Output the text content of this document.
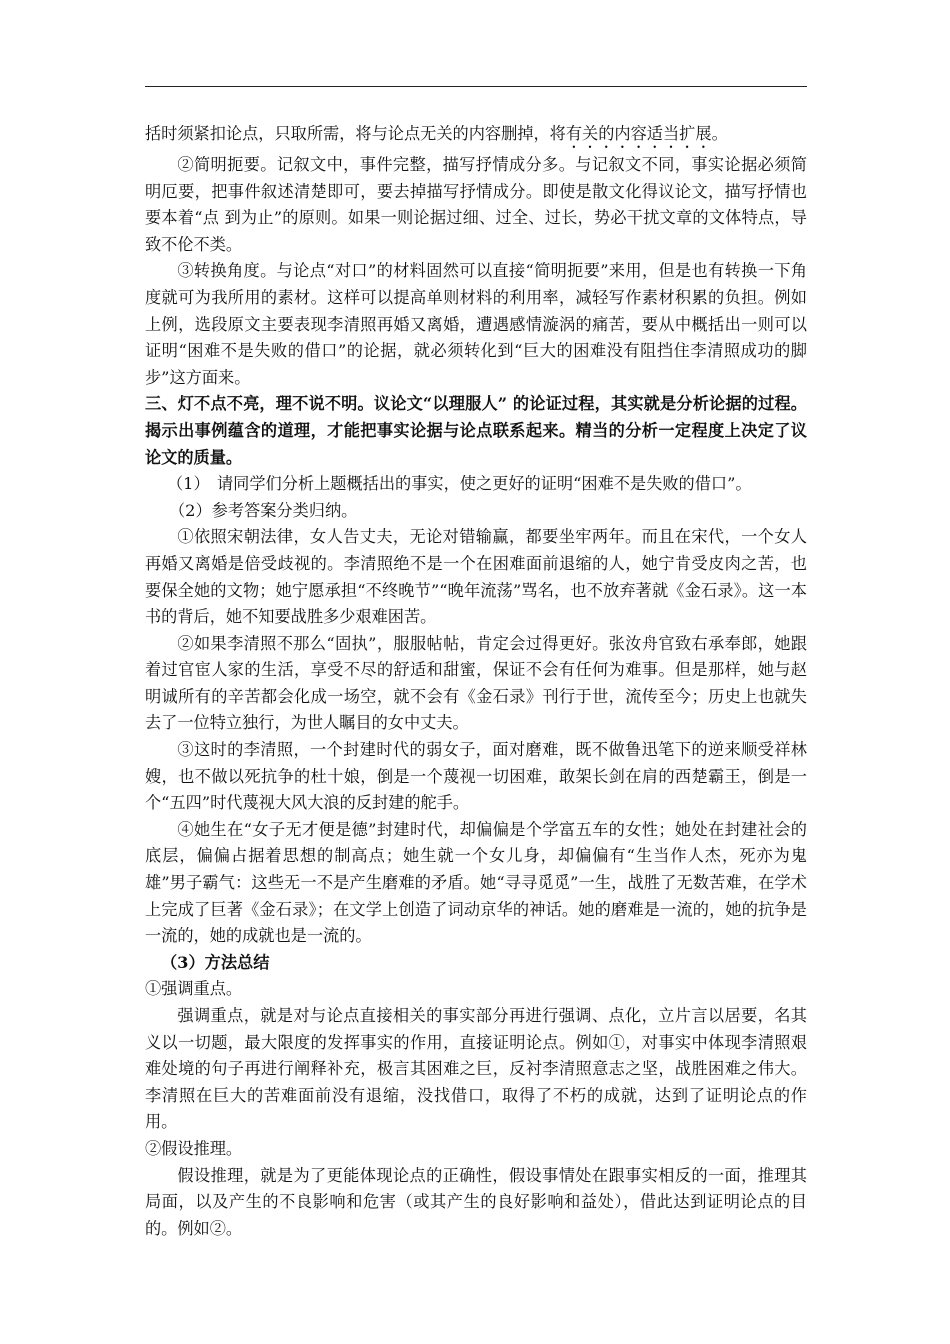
括时须紧扣论点，只取所需，将与论点无关的内容删掉，将有关的内容适当扩展。

②简明扼要。记叙文中，事件完整，描写抒情成分多。与记叙文不同，事实论据必须简明厄要，把事件叙述清楚即可，要去掉描写抒情成分。即使是散文化得议论文，描写抒情也要本着“点 到为止”的原则。如果一则论据过细、过全、过长，势必干扰文章的文体特点，导致不伦不类。

③转换角度。与论点“对口”的材料固然可以直接“简明扼要”来用，但是也有转换一下角度就可为我所用的素材。这样可以提高单则材料的利用率，减轻写作素材积累的负担。例如上例，选段原文主要表现李清照再婚又离婚，遭遇感情漩涡的痛苦，要从中概括出一则可以证明“困难不是失败的借口”的论据，就必须转化到“巨大的困难没有阻挡住李清照成功的脚步”这方面来。

三、灯不点不亮，理不说不明。议论文“以理服人” 的论证过程，其实就是分析论据的过程。揭示出事例蕴含的道理，才能把事实论据与论点联系起来。精当的分析一定程度上决定了议论文的质量。

（1） 请同学们分析上题概括出的事实，使之更好的证明“困难不是失败的借口”。

（2）参考答案分类归纳。

①依照宋朝法律，女人告丈夫，无论对错输赢，都要坐牢两年。而且在宋代，一个女人再婚又离婚是倍受歧视的。李清照绝不是一个在困难面前退缩的人，她宁肯受皮肉之苦，也要保全她的文物；她宁愿承担“不终晚节”“晚年流荡”骂名，也不放弃著就《金石录》。这一本书的背后，她不知要战胜多少艰难困苦。

②如果李清照不那么“固执”，服服帖帖，肯定会过得更好。张汝舟官致右承奉郎，她跟着过官宦人家的生活，享受不尽的舒适和甜蜜，保证不会有任何为难事。但是那样，她与赵明诚所有的辛苦都会化成一场空，就不会有《金石录》刊行于世，流传至今；历史上也就失去了一位特立独行，为世人瞩目的女中丈夫。

③这时的李清照，一个封建时代的弱女子，面对磨难，既不做鲁迅笔下的逆来顺受祥林嫂，也不做以死抗争的杜十娘，倒是一个蔑视一切困难，敢架长剑在肩的西楚霸王，倒是一个“五四”时代蔑视大风大浪的反封建的舵手。

④她生在“女子无才便是德”封建时代，却偏偏是个学富五车的女性；她处在封建社会的底层，偏偏占据着思想的制高点；她生就一个女儿身，却偏偏有“生当作人杰，死亦为鬼雄”男子霸气：这些无一不是产生磨难的矛盾。她“寻寻觅觅”一生，战胜了无数苦难，在学术上完成了巨著《金石录》；在文学上创造了词动京华的神话。她的磨难是一流的，她的抗争是一流的，她的成就也是一流的。

（3）方法总结

①强调重点。

强调重点，就是对与论点直接相关的事实部分再进行强调、点化，立片言以居要，名其义以一切题，最大限度的发挥事实的作用，直接证明论点。例如①，对事实中体现李清照艰难处境的句子再进行阐释补充，极言其困难之巨，反衬李清照意志之坚，战胜困难之伟大。李清照在巨大的苦难面前没有退缩，没找借口，取得了不朽的成就，达到了证明论点的作用。

②假设推理。

假设推理，就是为了更能体现论点的正确性，假设事情处在跟事实相反的一面，推理其局面，以及产生的不良影响和危害（或其产生的良好影响和益处），借此达到证明论点的目的。例如②。
